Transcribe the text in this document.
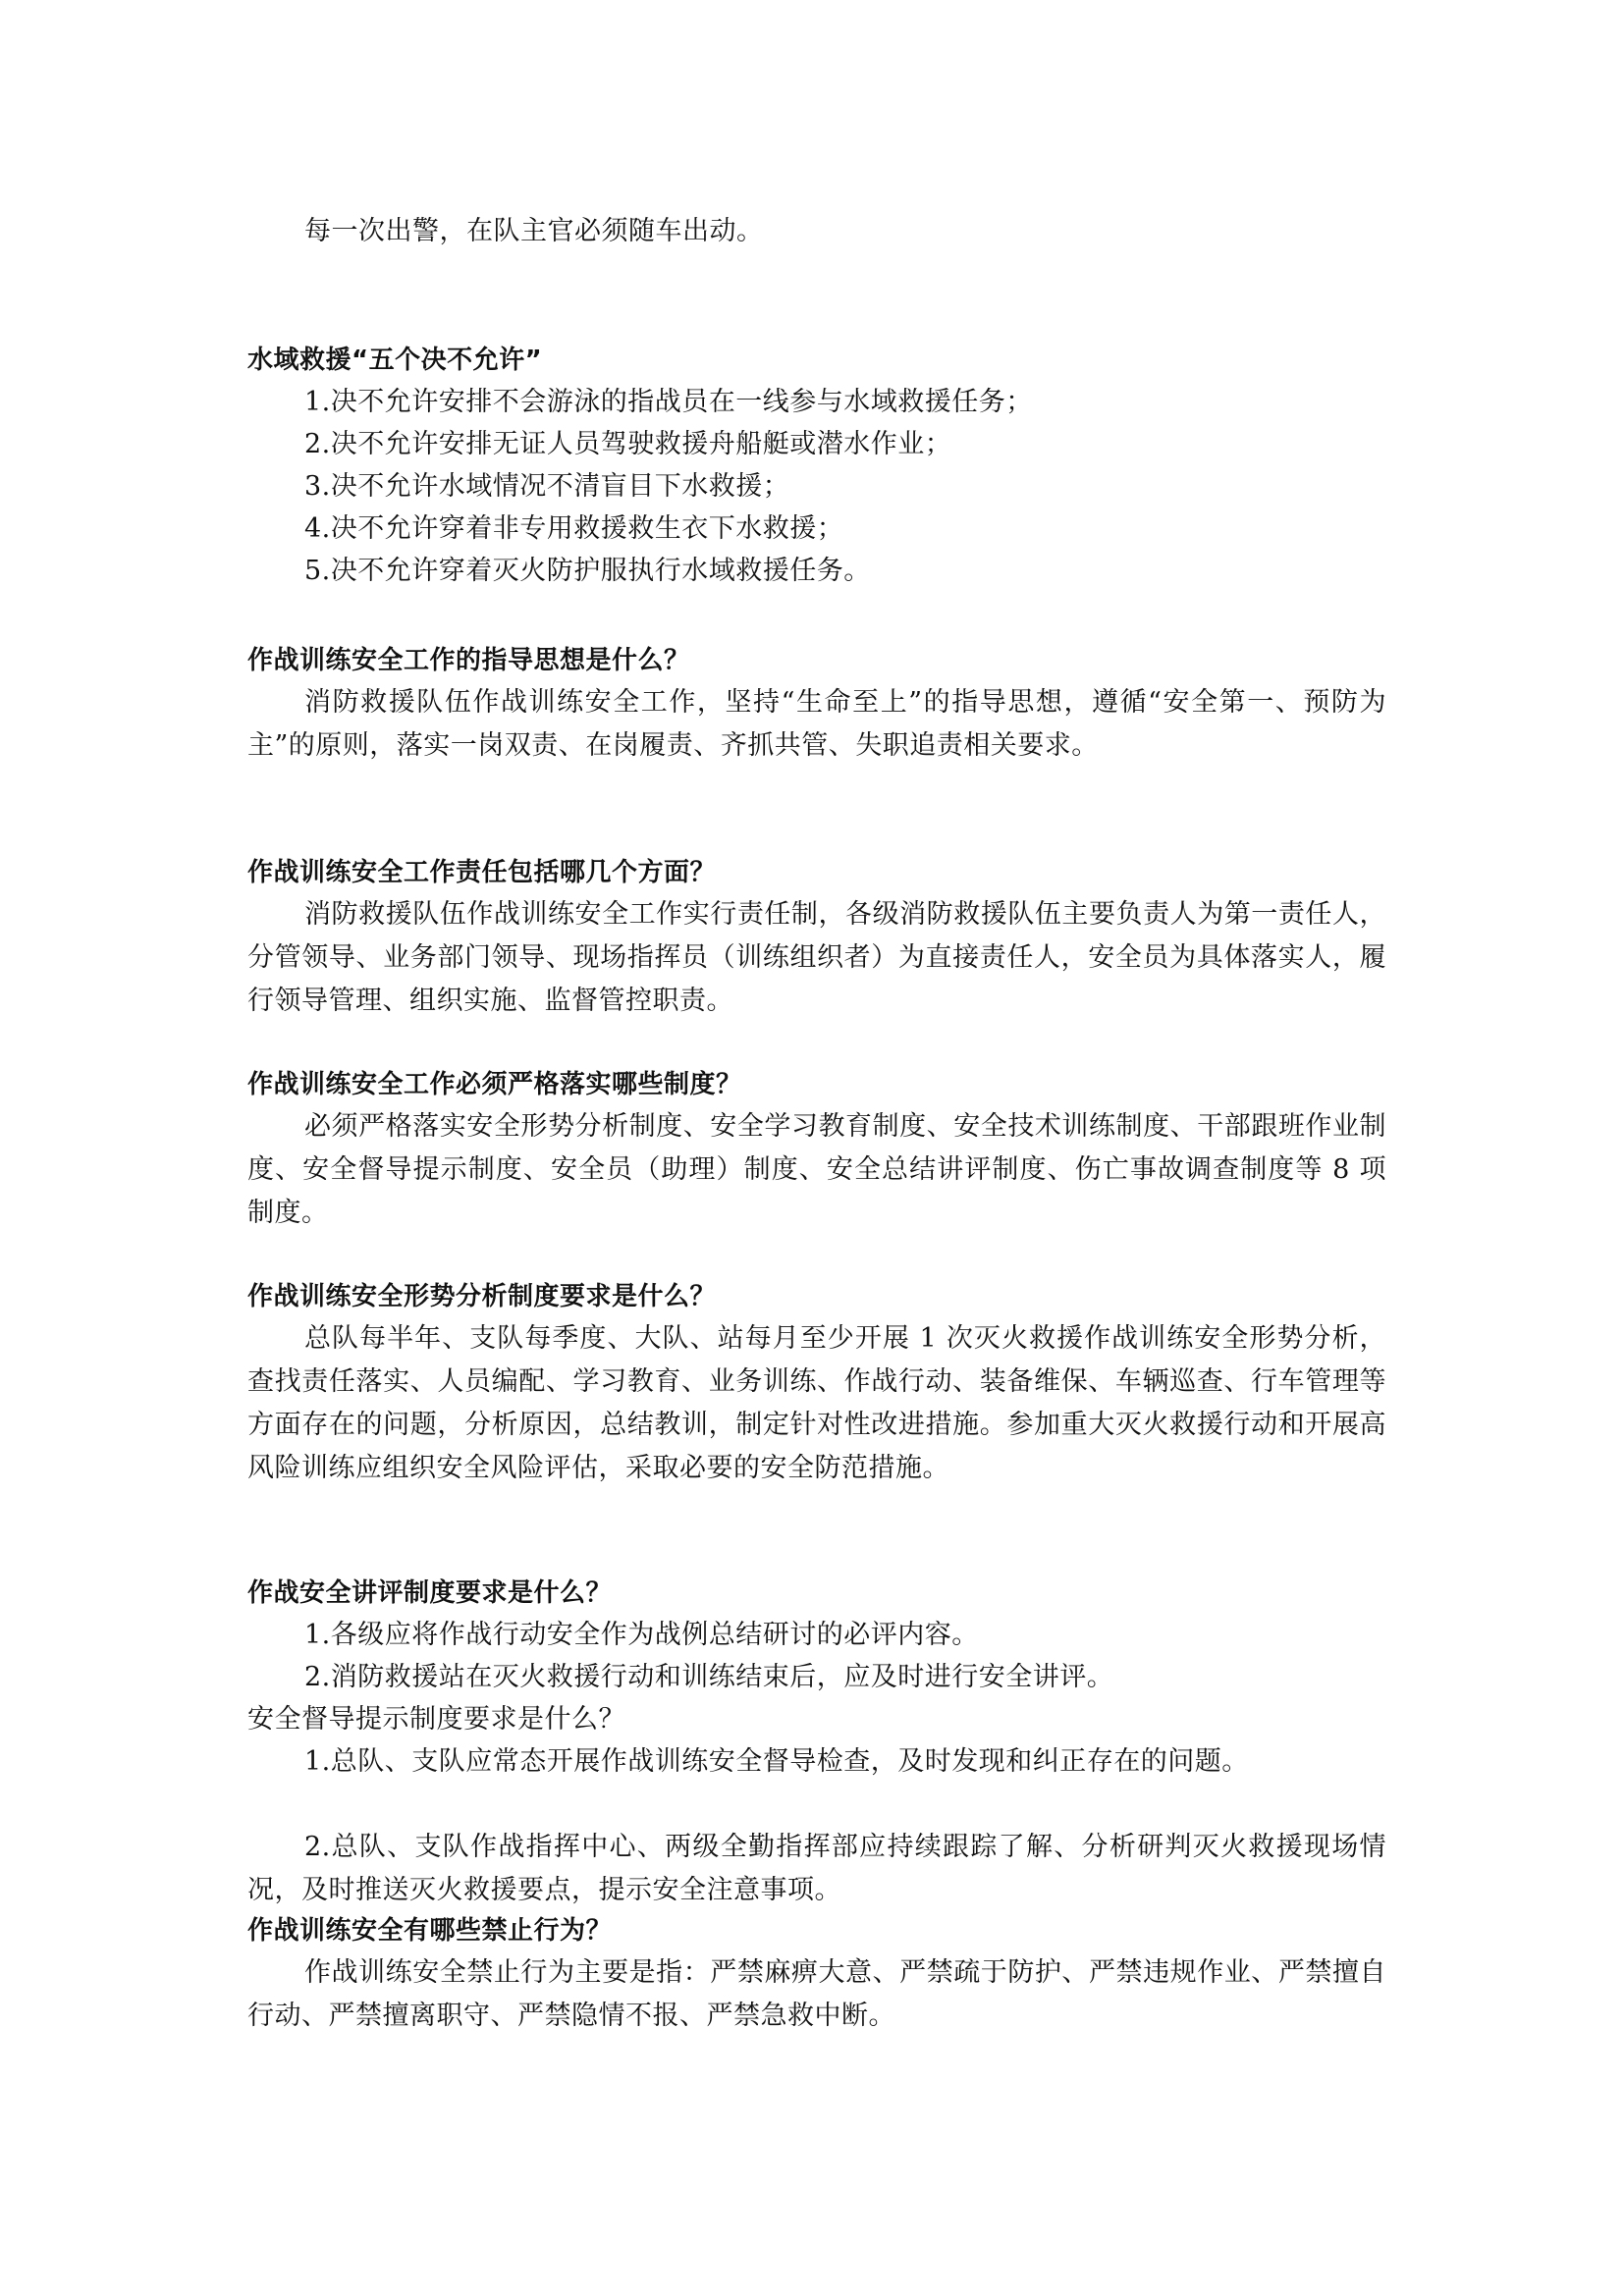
每一次出警，在队主官必须随车出动。
水域救援“五个决不允许”
1.决不允许安排不会游泳的指战员在一线参与水域救援任务；
2.决不允许安排无证人员驾驶救援舟船艇或潜水作业；
3.决不允许水域情况不清盲目下水救援；
4.决不允许穿着非专用救援救生衣下水救援；
5.决不允许穿着灭火防护服执行水域救援任务。
作战训练安全工作的指导思想是什么？
消防救援队伍作战训练安全工作，坚持“生命至上”的指导思想，遵循“安全第一、预防为主”的原则，落实一岗双责、在岗履责、齐抓共管、失职追责相关要求。
作战训练安全工作责任包括哪几个方面？
消防救援队伍作战训练安全工作实行责任制，各级消防救援队伍主要负责人为第一责任人，分管领导、业务部门领导、现场指挥员（训练组织者）为直接责任人，安全员为具体落实人，履行领导管理、组织实施、监督管控职责。
作战训练安全工作必须严格落实哪些制度？
必须严格落实安全形势分析制度、安全学习教育制度、安全技术训练制度、干部跟班作业制度、安全督导提示制度、安全员（助理）制度、安全总结讲评制度、伤亡事故调查制度等 8 项制度。
作战训练安全形势分析制度要求是什么？
总队每半年、支队每季度、大队、站每月至少开展 1 次灭火救援作战训练安全形势分析，查找责任落实、人员编配、学习教育、业务训练、作战行动、装备维保、车辆巡查、行车管理等方面存在的问题，分析原因，总结教训，制定针对性改进措施。参加重大灭火救援行动和开展高风险训练应组织安全风险评估，采取必要的安全防范措施。
作战安全讲评制度要求是什么？
1.各级应将作战行动安全作为战例总结研讨的必评内容。
2.消防救援站在灭火救援行动和训练结束后，应及时进行安全讲评。
安全督导提示制度要求是什么？
1.总队、支队应常态开展作战训练安全督导检查，及时发现和纠正存在的问题。
2.总队、支队作战指挥中心、两级全勤指挥部应持续跟踪了解、分析研判灭火救援现场情况，及时推送灭火救援要点，提示安全注意事项。
作战训练安全有哪些禁止行为？
作战训练安全禁止行为主要是指：严禁麻痹大意、严禁疏于防护、严禁违规作业、严禁擅自行动、严禁擅离职守、严禁隐情不报、严禁急救中断。
